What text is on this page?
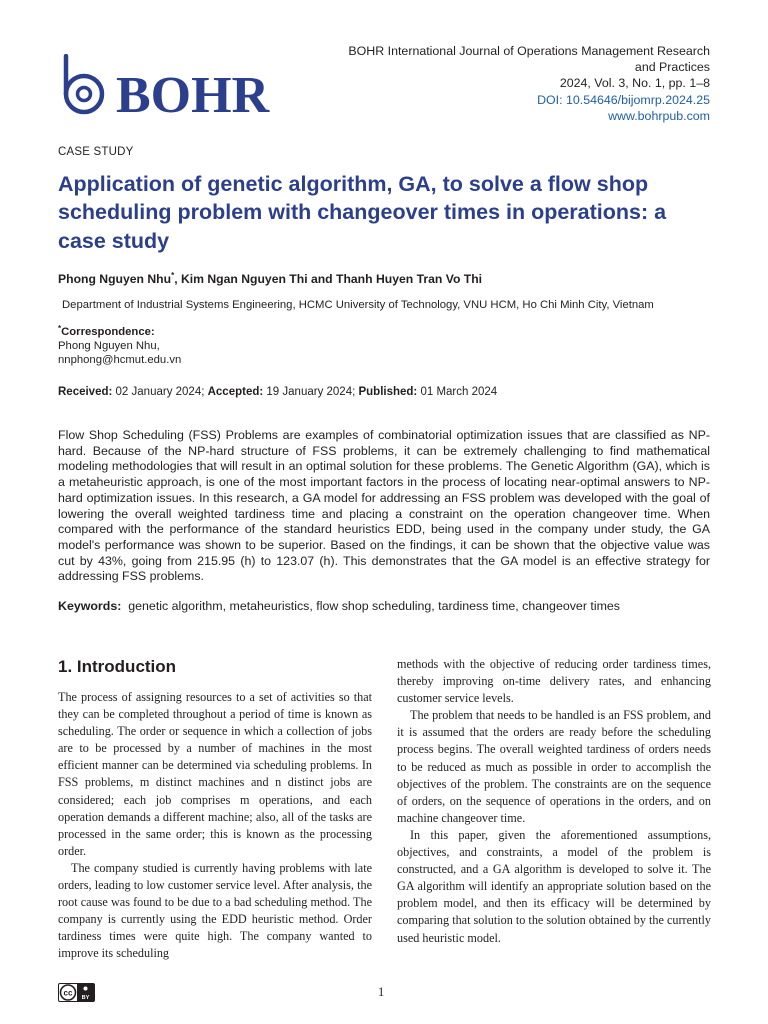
BOHR
BOHR International Journal of Operations Management Research
and Practices
2024, Vol. 3, No. 1, pp. 1–8
DOI: 10.54646/bijomrp.2024.25
www.bohrpub.com
CASE STUDY
Application of genetic algorithm, GA, to solve a flow shop scheduling problem with changeover times in operations: a case study
Phong Nguyen Nhu*, Kim Ngan Nguyen Thi and Thanh Huyen Tran Vo Thi
Department of Industrial Systems Engineering, HCMC University of Technology, VNU HCM, Ho Chi Minh City, Vietnam
*Correspondence:
Phong Nguyen Nhu,
nnphong@hcmut.edu.vn
Received: 02 January 2024; Accepted: 19 January 2024; Published: 01 March 2024

Flow Shop Scheduling (FSS) Problems are examples of combinatorial optimization issues that are classified as NP-hard. Because of the NP-hard structure of FSS problems, it can be extremely challenging to find mathematical modeling methodologies that will result in an optimal solution for these problems. The Genetic Algorithm (GA), which is a metaheuristic approach, is one of the most important factors in the process of locating near-optimal answers to NP-hard optimization issues. In this research, a GA model for addressing an FSS problem was developed with the goal of lowering the overall weighted tardiness time and placing a constraint on the operation changeover time. When compared with the performance of the standard heuristics EDD, being used in the company under study, the GA model's performance was shown to be superior. Based on the findings, it can be shown that the objective value was cut by 43%, going from 215.95 (h) to 123.07 (h). This demonstrates that the GA model is an effective strategy for addressing FSS problems.

Keywords: genetic algorithm, metaheuristics, flow shop scheduling, tardiness time, changeover times
1. Introduction

The process of assigning resources to a set of activities so that they can be completed throughout a period of time is known as scheduling. The order or sequence in which a collection of jobs are to be processed by a number of machines in the most efficient manner can be determined via scheduling problems. In FSS problems, m distinct machines and n distinct jobs are considered; each job comprises m operations, and each operation demands a different machine; also, all of the tasks are processed in the same order; this is known as the processing order.

The company studied is currently having problems with late orders, leading to low customer service level. After analysis, the root cause was found to be due to a bad scheduling method. The company is currently using the EDD heuristic method. Order tardiness times were quite high. The company wanted to improve its scheduling

methods with the objective of reducing order tardiness times, thereby improving on-time delivery rates, and enhancing customer service levels.

The problem that needs to be handled is an FSS problem, and it is assumed that the orders are ready before the scheduling process begins. The overall weighted tardiness of orders needs to be reduced as much as possible in order to accomplish the objectives of the problem. The constraints are on the sequence of orders, on the sequence of operations in the orders, and on machine changeover time.

In this paper, given the aforementioned assumptions, objectives, and constraints, a model of the problem is constructed, and a GA algorithm is developed to solve it. The GA algorithm will identify an appropriate solution based on the problem model, and then its efficacy will be determined by comparing that solution to the solution obtained by the currently used heuristic model.

cc
BY	1
